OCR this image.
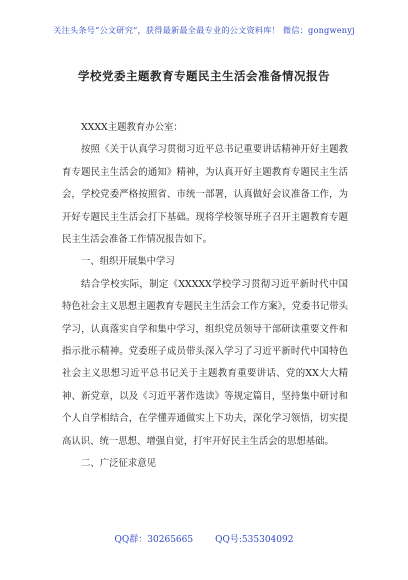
关注头条号“公文研究”，获得最新最全最专业的公文资料库！ 微信：gongwenyj
学校党委主题教育专题民主生活会准备情况报告

XXXX主题教育办公室：

按照《关于认真学习贯彻习近平总书记重要讲话精神开好主题教育专题民主生活会的通知》精神，为认真开好主题教育专题民主生活会，学校党委严格按照省、市统一部署，认真做好会议准备工作，为开好专题民主生活会打下基础。现将学校领导班子召开主题教育专题民主生活会准备工作情况报告如下。

一、组织开展集中学习

结合学校实际，制定《XXXXX学校学习贯彻习近平新时代中国特色社会主义思想主题教育专题民主生活会工作方案》，党委书记带头学习，认真落实自学和集中学习，组织党员领导干部研读重要文件和指示批示精神。党委班子成员带头深入学习了习近平新时代中国特色社会主义思想习近平总书记关于主题教育重要讲话、党的XX大大精神、新党章，以及《习近平著作选读》等规定篇目，坚持集中研讨和个人自学相结合，在学懂弄通做实上下功夫，深化学习领悟，切实提高认识、统一思想、增强自觉，打牢开好民主生活会的思想基础。

二、广泛征求意见

QQ群：30265665 QQ号:535304092
